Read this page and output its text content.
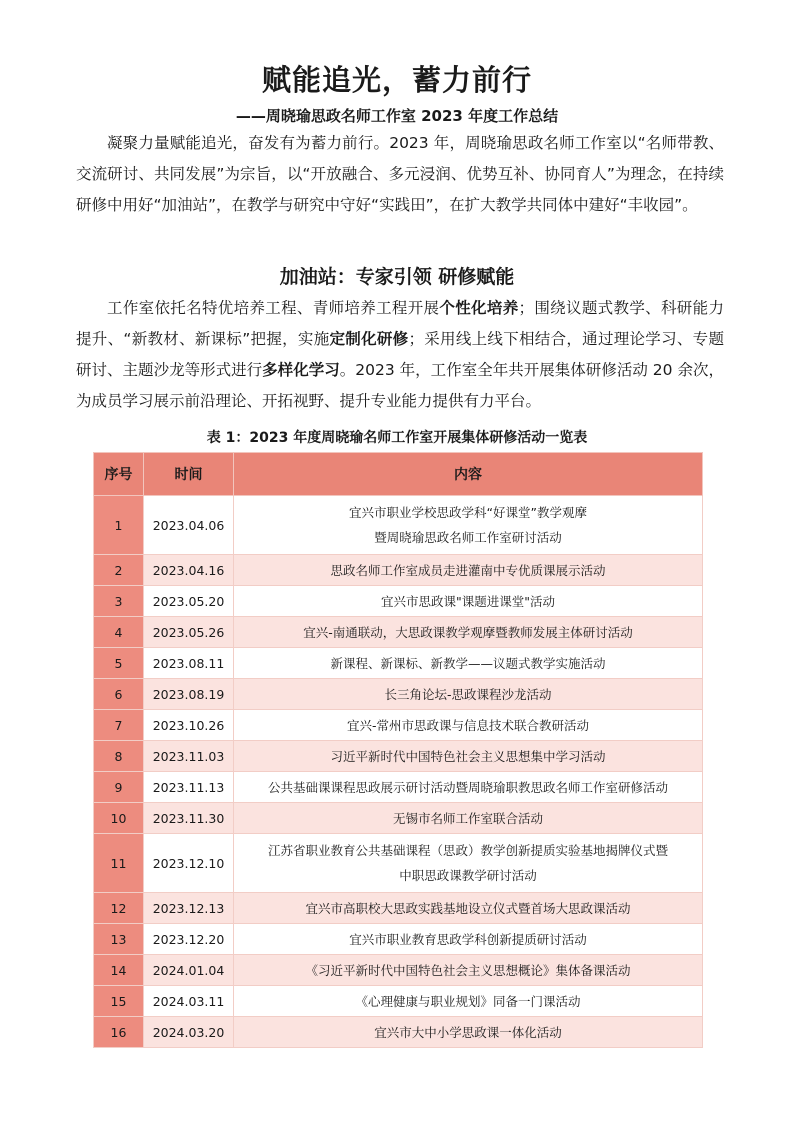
赋能追光，蓄力前行
——周晓瑜思政名师工作室 2023 年度工作总结

凝聚力量赋能追光，奋发有为蓄力前行。2023 年，周晓瑜思政名师工作室以“名师带教、交流研讨、共同发展”为宗旨，以“开放融合、多元浸润、优势互补、协同育人”为理念，在持续研修中用好“加油站”，在教学与研究中守好“实践田”，在扩大教学共同体中建好“丰收园”。

加油站：专家引领 研修赋能

工作室依托名特优培养工程、青师培养工程开展个性化培养；围绕议题式教学、科研能力提升、“新教材、新课标”把握，实施定制化研修；采用线上线下相结合，通过理论学习、专题研讨、主题沙龙等形式进行多样化学习。2023 年，工作室全年共开展集体研修活动 20 余次，为成员学习展示前沿理论、开拓视野、提升专业能力提供有力平台。

表 1：2023 年度周晓瑜名师工作室开展集体研修活动一览表
序号	时间	内容
1	2023.04.06	宜兴市职业学校思政学科“好课堂”教学观摩
暨周晓瑜思政名师工作室研讨活动

2	2023.04.16	思政名师工作室成员走进灌南中专优质课展示活动

3	2023.05.20	宜兴市思政课"课题进课堂"活动

4	2023.05.26	宜兴-南通联动，大思政课教学观摩暨教师发展主体研讨活动

5	2023.08.11	新课程、新课标、新教学——议题式教学实施活动

6	2023.08.19	长三角论坛-思政课程沙龙活动

7	2023.10.26	宜兴-常州市思政课与信息技术联合教研活动

8	2023.11.03	习近平新时代中国特色社会主义思想集中学习活动

9	2023.11.13	公共基础课课程思政展示研讨活动暨周晓瑜职教思政名师工作室研修活动

10	2023.11.30	无锡市名师工作室联合活动

11	2023.12.10	江苏省职业教育公共基础课程（思政）教学创新提质实验基地揭牌仪式暨
中职思政课教学研讨活动

12	2023.12.13	宜兴市高职校大思政实践基地设立仪式暨首场大思政课活动

13	2023.12.20	宜兴市职业教育思政学科创新提质研讨活动

14	2024.01.04	《习近平新时代中国特色社会主义思想概论》集体备课活动

15	2024.03.11	《心理健康与职业规划》同备一门课活动

16	2024.03.20	宜兴市大中小学思政课一体化活动
